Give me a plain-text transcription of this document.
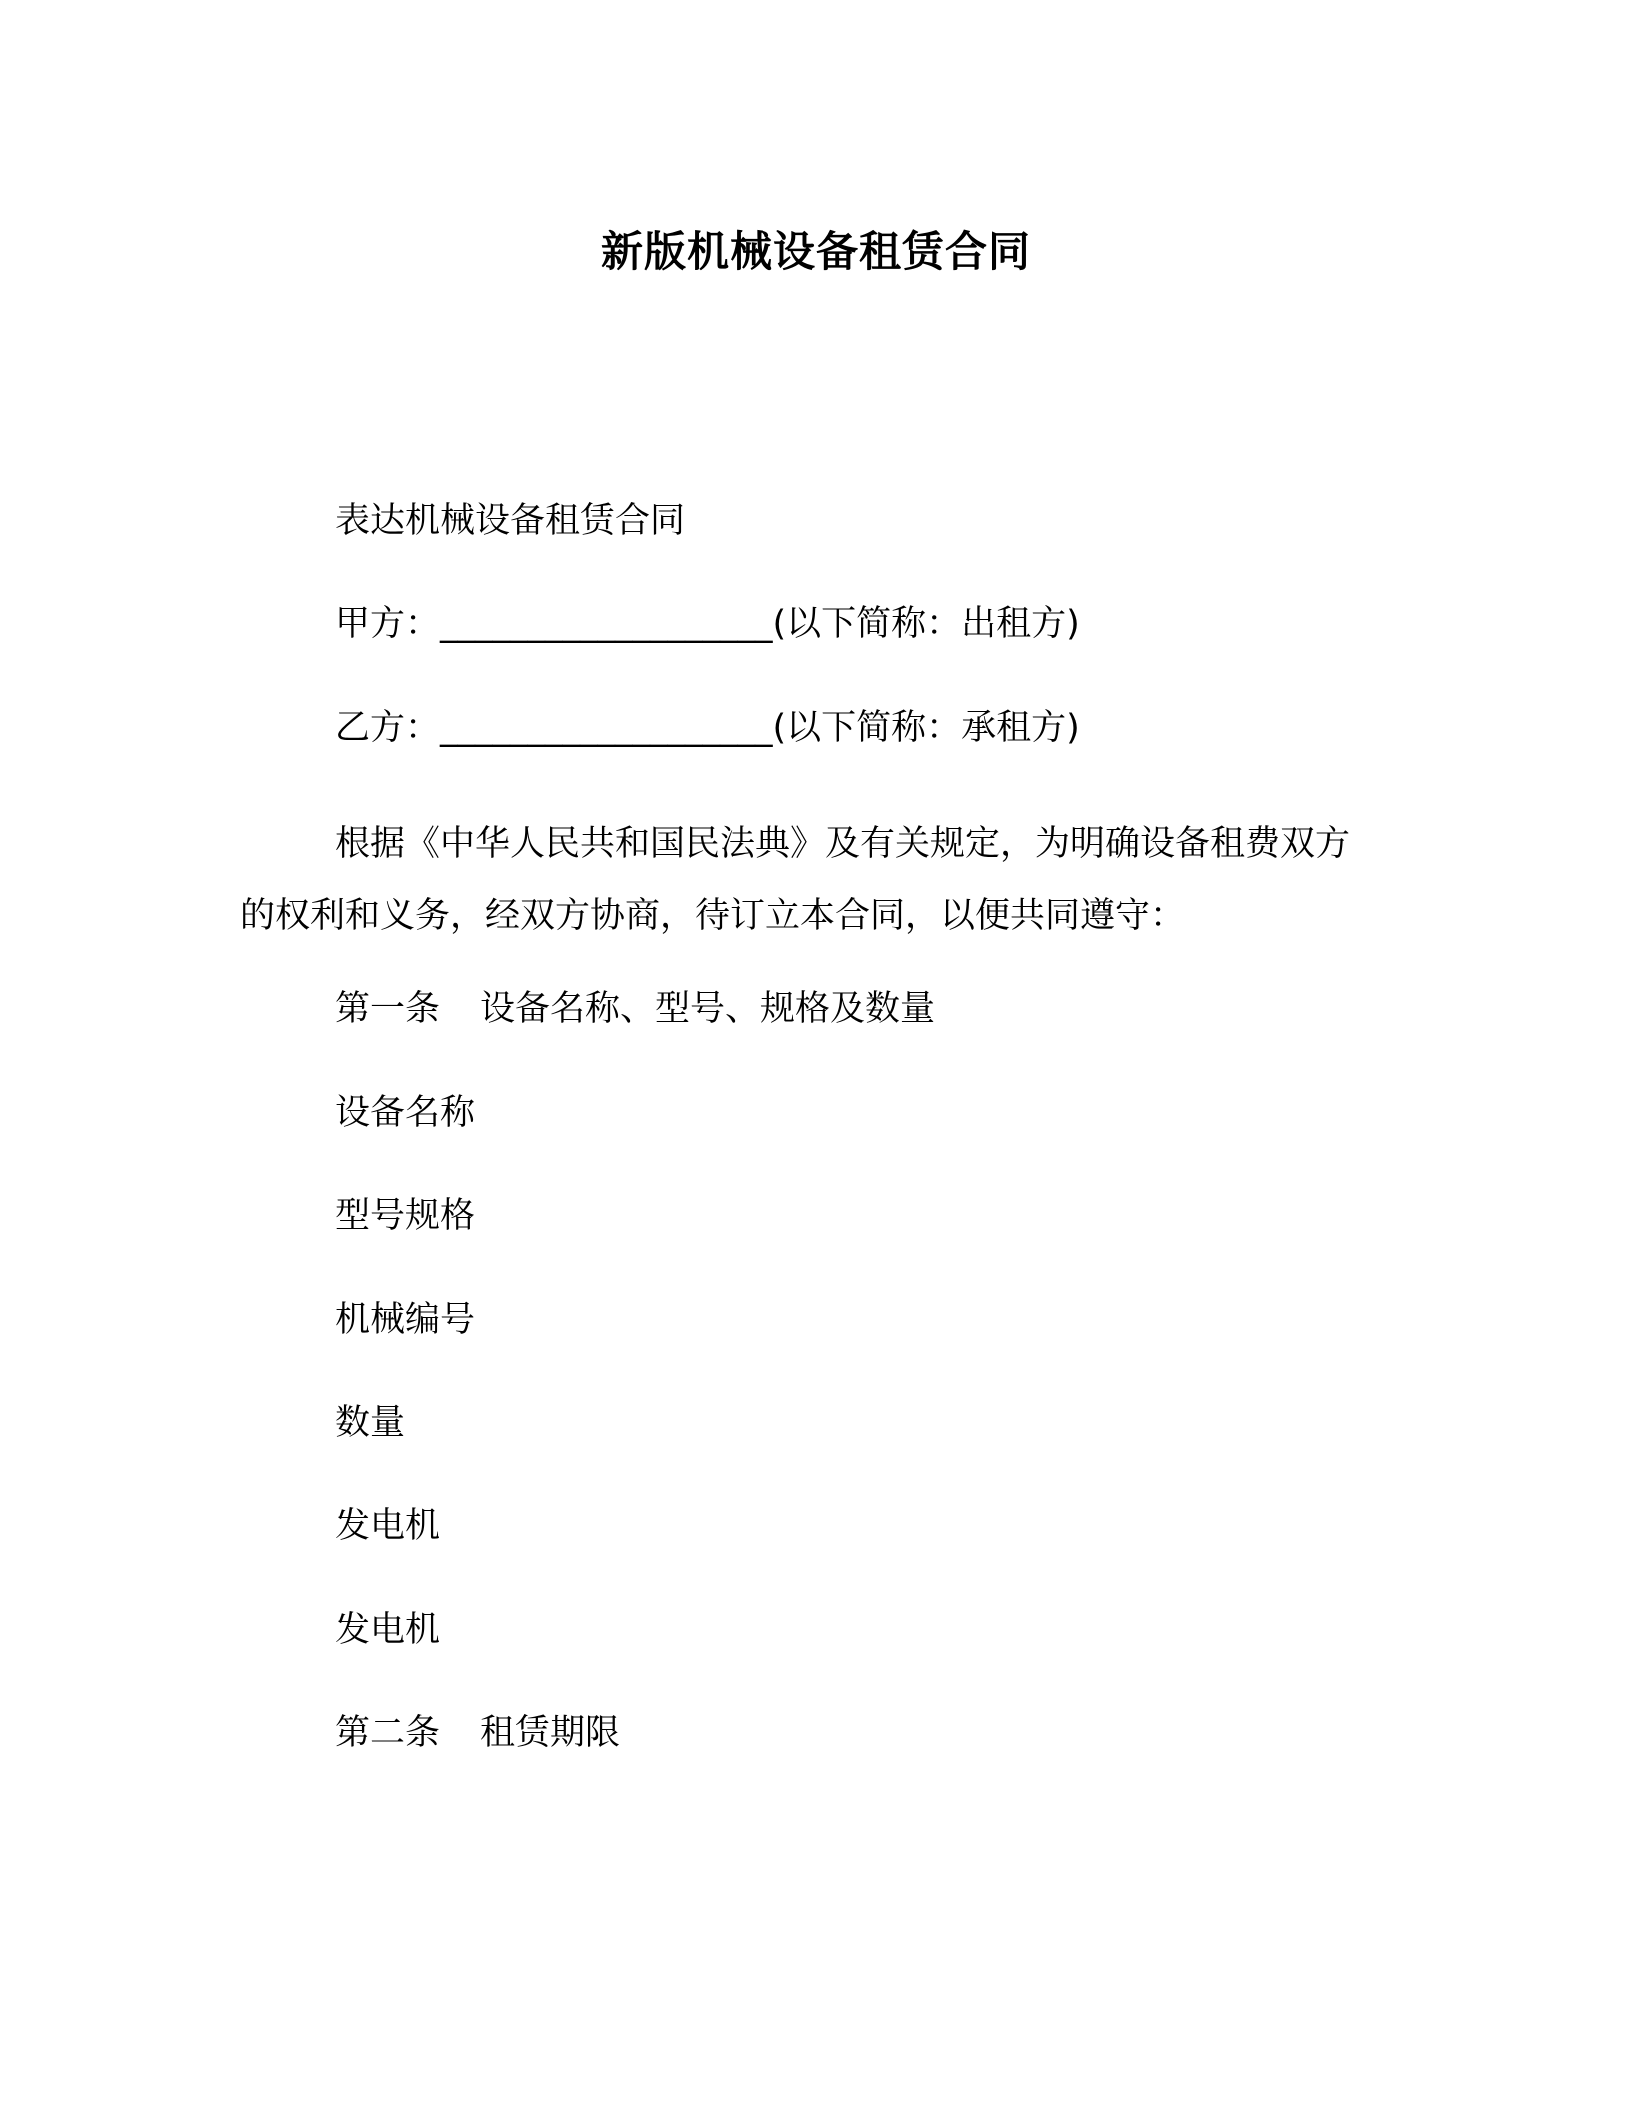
新版机械设备租赁合同
表达机械设备租赁合同
甲方：___________________(以下简称：出租方)
乙方：___________________(以下简称：承租方)
根据《中华人民共和国民法典》及有关规定，为明确设备租费双方的权利和义务，经双方协商，待订立本合同，以便共同遵守：
第一条 设备名称、型号、规格及数量
设备名称
型号规格
机械编号
数量
发电机
发电机
第二条 租赁期限
